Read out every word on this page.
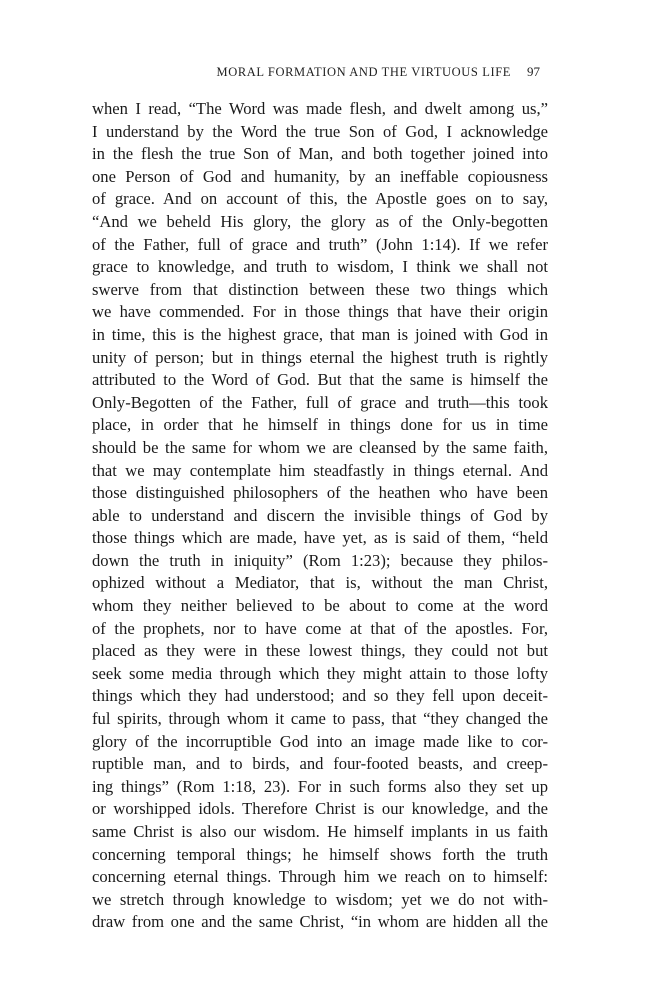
MORAL FORMATION AND THE VIRTUOUS LIFE 97
when I read, “The Word was made flesh, and dwelt among us,”
I understand by the Word the true Son of God, I acknowledge
in the flesh the true Son of Man, and both together joined into
one Person of God and humanity, by an ineffable copiousness
of grace. And on account of this, the Apostle goes on to say,
“And we beheld His glory, the glory as of the Only-begotten
of the Father, full of grace and truth” (John 1:14). If we refer
grace to knowledge, and truth to wisdom, I think we shall not
swerve from that distinction between these two things which
we have commended. For in those things that have their origin
in time, this is the highest grace, that man is joined with God in
unity of person; but in things eternal the highest truth is rightly
attributed to the Word of God. But that the same is himself the
Only-Begotten of the Father, full of grace and truth—this took
place, in order that he himself in things done for us in time
should be the same for whom we are cleansed by the same faith,
that we may contemplate him steadfastly in things eternal. And
those distinguished philosophers of the heathen who have been
able to understand and discern the invisible things of God by
those things which are made, have yet, as is said of them, “held
down the truth in iniquity” (Rom 1:23); because they philos-
ophized without a Mediator, that is, without the man Christ,
whom they neither believed to be about to come at the word
of the prophets, nor to have come at that of the apostles. For,
placed as they were in these lowest things, they could not but
seek some media through which they might attain to those lofty
things which they had understood; and so they fell upon deceit-
ful spirits, through whom it came to pass, that “they changed the
glory of the incorruptible God into an image made like to cor-
ruptible man, and to birds, and four-footed beasts, and creep-
ing things” (Rom 1:18, 23). For in such forms also they set up
or worshipped idols. Therefore Christ is our knowledge, and the
same Christ is also our wisdom. He himself implants in us faith
concerning temporal things; he himself shows forth the truth
concerning eternal things. Through him we reach on to himself:
we stretch through knowledge to wisdom; yet we do not with-
draw from one and the same Christ, “in whom are hidden all the
